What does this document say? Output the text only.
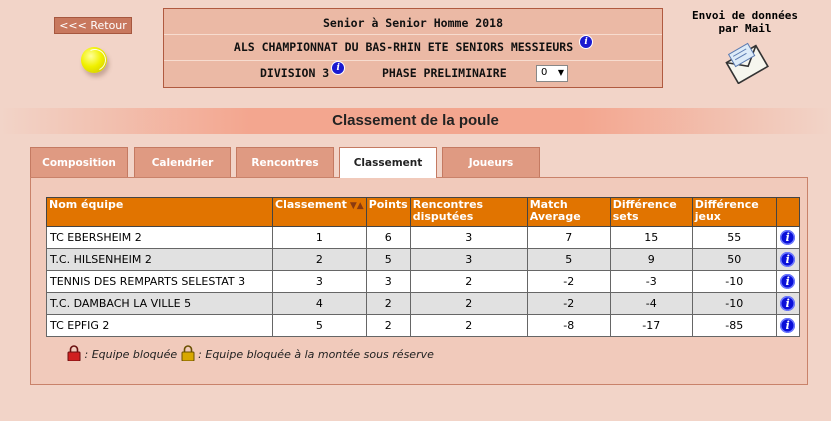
<<< Retour	Senior à Senior Homme 2018
ALS CHAMPIONNAT DU BAS-RHIN ETE SENIORS MESSIEURS i
DIVISION 3 i	PHASE PRELIMINAIRE	0 ▼
Envoi de données
par Mail
Classement de la poule
Composition	Calendrier	Rencontres	Classement	Joueurs
Nom équipe	Classement ▼▲	Points	Rencontres disputées	Match Average	Différence sets	Différence jeux	
TC EBERSHEIM 2	1	6	3	7	15	55	i
T.C. HILSENHEIM 2	2	5	3	5	9	50	i
TENNIS DES REMPARTS SELESTAT 3	3	3	2	-2	-3	-10	i
T.C. DAMBACH LA VILLE 5	4	2	2	-2	-4	-10	i
TC EPFIG 2	5	2	2	-8	-17	-85	i
: Equipe bloquée : Equipe bloquée à la montée sous réserve
